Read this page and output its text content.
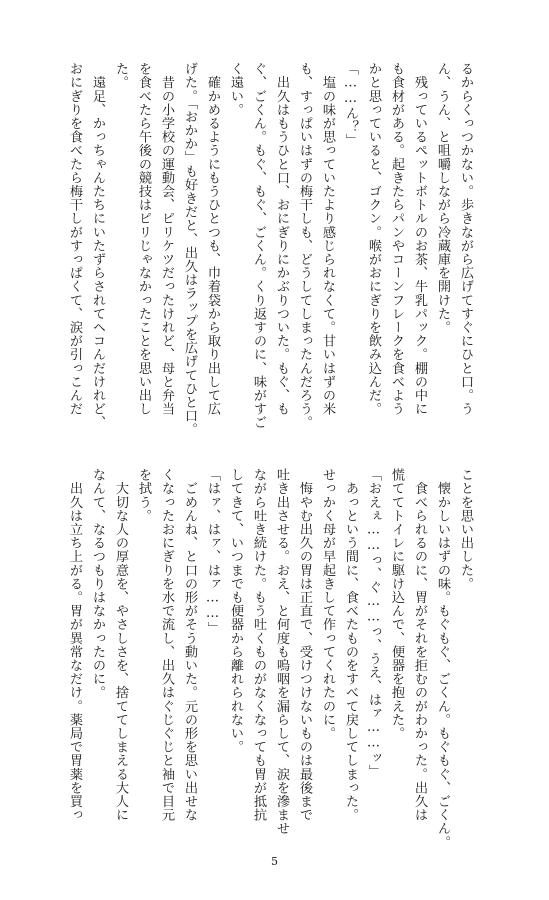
るからくっつかない。歩きながら広げてすぐにひと口。う

ん、うん、と咀嚼しながら冷蔵庫を開けた。

　残っているペットボトルのお茶、牛乳パック。棚の中に

も食材がある。起きたらパンやコーンフレークを食べよう

かと思っていると、ゴクン。喉がおにぎりを飲み込んだ。

「……ん？」

　塩の味が思っていたより感じられなくて。甘いはずの米

も、すっぱいはずの梅干しも、どうしてしまったんだろう。

　出久はもうひと口、おにぎりにかぶりついた。もぐ、も

ぐ、ごくん。もぐ、もぐ、ごくん。くり返すのに、味がすご

く遠い。

　確かめるようにもうひとつも、巾着袋から取り出して広

げた。「おかか」も好きだと、出久はラップを広げてひと口。

　昔の小学校の運動会、ピリケツだったけれど、母と弁当

を食べたら午後の競技はピリじゃなかったことを思い出し

た。

　遠足、かっちゃんたちにいたずらされてヘコんだけれど、

おにぎりを食べたら梅干しがすっぱくて、涙が引っこんだ

ことを思い出した。

　懐かしいはずの味。もぐもぐ、ごくん。もぐもぐ、ごくん。

　食べられるのに、胃がそれを拒むのがわかった。出久は

慌ててトイレに駆け込んで、便器を抱えた。

「おえぇ……っ、ぐ……っ、うえ、はァ……ッ」

　あっという間に、食べたものをすべて戻してしまった。

せっかく母が早起きして作ってくれたのに。

　悔やむ出久の胃は正直で、受けつけないものは最後まで

吐き出させる。おえ、と何度も嗚咽を漏らして、涙を滲ませ

ながら吐き続けた。もう吐くものがなくなっても胃が抵抗

してきて、いつまでも便器から離れられない。

「はァ、はァ、はァ……」

　ごめんね、と口の形がそう動いた。元の形を思い出せな

くなったおにぎりを水で流し、出久はぐじぐじと袖で目元

を拭う。

　大切な人の厚意を、やさしさを、捨ててしまえる大人に

なんて、なるつもりはなかったのに。

　出久は立ち上がる。胃が異常なだけ。薬局で胃薬を買っ

5
